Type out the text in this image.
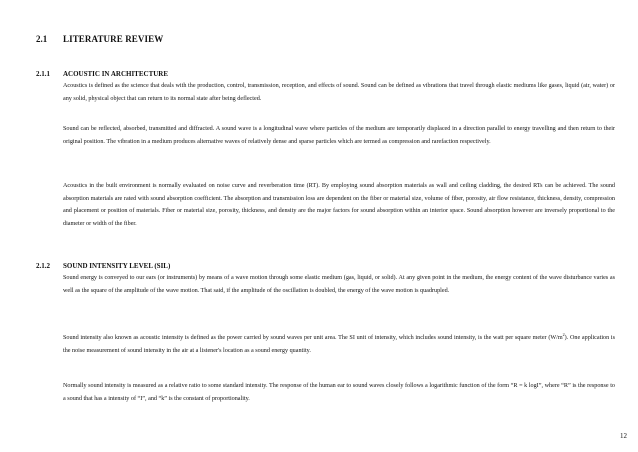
2.1 LITERATURE REVIEW
2.1.1 ACOUSTIC IN ARCHITECTURE

Acoustics is defined as the science that deals with the production, control, transmission, reception, and effects of sound. Sound can be defined as vibrations that travel through elastic mediums like gases, liquid (air, water) or any solid, physical object that can return to its normal state after being deflected.

Sound can be reflected, absorbed, transmitted and diffracted. A sound wave is a longitudinal wave where particles of the medium are temporarily displaced in a direction parallel to energy travelling and then return to their original position. The vibration in a medium produces alternative waves of relatively dense and sparse particles which are termed as compression and rarefaction respectively.

Acoustics in the built environment is normally evaluated on noise curve and reverberation time (RT). By employing sound absorption materials as wall and ceiling cladding, the desired RTs can be achieved. The sound absorption materials are rated with sound absorption coefficient. The absorption and transmission loss are dependent on the fiber or material size, volume of fiber, porosity, air flow resistance, thickness, density, compression and placement or position of materials. Fiber or material size, porosity, thickness, and density are the major factors for sound absorption within an interior space. Sound absorption however are inversely proportional to the diameter or width of the fiber.

2.1.2 SOUND INTENSITY LEVEL (SIL)

Sound energy is conveyed to our ears (or instruments) by means of a wave motion through some elastic medium (gas, liquid, or solid). At any given point in the medium, the energy content of the wave disturbance varies as well as the square of the amplitude of the wave motion. That said, if the amplitude of the oscillation is doubled, the energy of the wave motion is quadrupled.

Sound intensity also known as acoustic intensity is defined as the power carried by sound waves per unit area. The SI unit of intensity, which includes sound intensity, is the watt per square meter $(W/m^2)$. One application is the noise measurement of sound intensity in the air at a listener's location as a sound energy quantity.

Normally sound intensity is measured as a relative ratio to some standard intensity. The response of the human ear to sound waves closely follows a logarithmic function of the form “R = k logI”, where “R” is the response to a sound that has a intensity of “I”, and “k” is the constant of proportionality.

12
